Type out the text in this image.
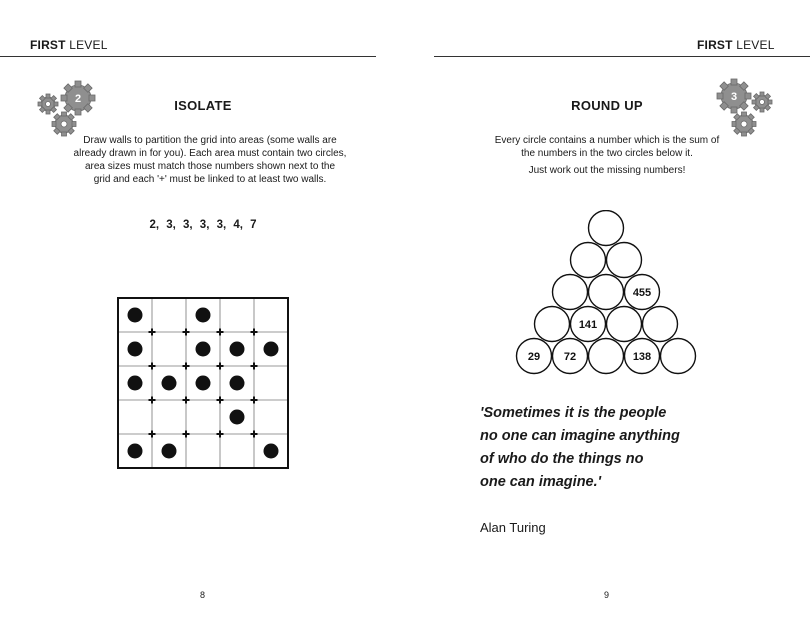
FIRST LEVEL
2	ISOLATE
Draw walls to partition the grid into areas (some walls are
already drawn in for you). Each area must contain two circles,
area sizes must match those numbers shown next to the
grid and each '+' must be linked to at least two walls.
2, 3, 3, 3, 3, 4, 7
8
FIRST LEVEL
ROUND UP
3
Every circle contains a number which is the sum of
the numbers in the two circles below it.
Just work out the missing numbers!
29 72	138
141
455
'Sometimes it is the people
no one can imagine anything
of who do the things no
one can imagine.'
Alan Turing
9
